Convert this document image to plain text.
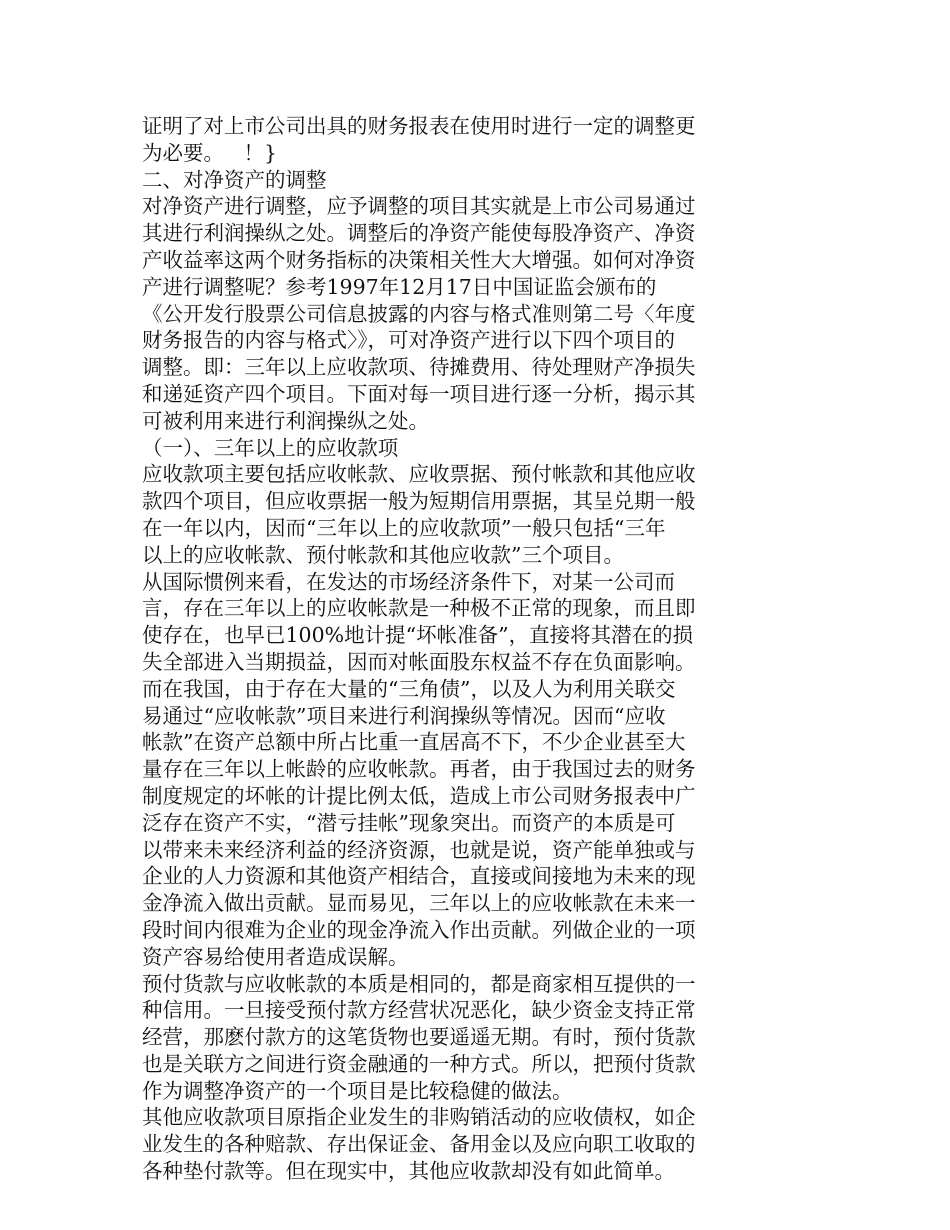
证明了对上市公司出具的财务报表在使用时进行一定的调整更
为必要。   ！}
二、对净资产的调整
对净资产进行调整，应予调整的项目其实就是上市公司易通过
其进行利润操纵之处。调整后的净资产能使每股净资产、净资
产收益率这两个财务指标的决策相关性大大增强。如何对净资
产进行调整呢？参考1997年12月17日中国证监会颁布的
《公开发行股票公司信息披露的内容与格式准则第二号〈年度
财务报告的内容与格式〉》，可对净资产进行以下四个项目的
调整。即：三年以上应收款项、待摊费用、待处理财产净损失
和递延资产四个项目。下面对每一项目进行逐一分析，揭示其
可被利用来进行利润操纵之处。
（一）、三年以上的应收款项
应收款项主要包括应收帐款、应收票据、预付帐款和其他应收
款四个项目，但应收票据一般为短期信用票据，其呈兑期一般
在一年以内，因而“三年以上的应收款项”一般只包括“三年
以上的应收帐款、预付帐款和其他应收款”三个项目。
从国际惯例来看，在发达的市场经济条件下，对某一公司而
言，存在三年以上的应收帐款是一种极不正常的现象，而且即
使存在，也早已100%地计提“坏帐准备”，直接将其潜在的损
失全部进入当期损益，因而对帐面股东权益不存在负面影响。
而在我国，由于存在大量的“三角债”，以及人为利用关联交
易通过“应收帐款”项目来进行利润操纵等情况。因而“应收
帐款”在资产总额中所占比重一直居高不下，不少企业甚至大
量存在三年以上帐龄的应收帐款。再者，由于我国过去的财务
制度规定的坏帐的计提比例太低，造成上市公司财务报表中广
泛存在资产不实，“潜亏挂帐”现象突出。而资产的本质是可
以带来未来经济利益的经济资源，也就是说，资产能单独或与
企业的人力资源和其他资产相结合，直接或间接地为未来的现
金净流入做出贡献。显而易见，三年以上的应收帐款在未来一
段时间内很难为企业的现金净流入作出贡献。列做企业的一项
资产容易给使用者造成误解。
预付货款与应收帐款的本质是相同的，都是商家相互提供的一
种信用。一旦接受预付款方经营状况恶化，缺少资金支持正常
经营，那麽付款方的这笔货物也要遥遥无期。有时，预付货款
也是关联方之间进行资金融通的一种方式。所以，把预付货款
作为调整净资产的一个项目是比较稳健的做法。
其他应收款项目原指企业发生的非购销活动的应收债权，如企
业发生的各种赔款、存出保证金、备用金以及应向职工收取的
各种垫付款等。但在现实中，其他应收款却没有如此简单。
